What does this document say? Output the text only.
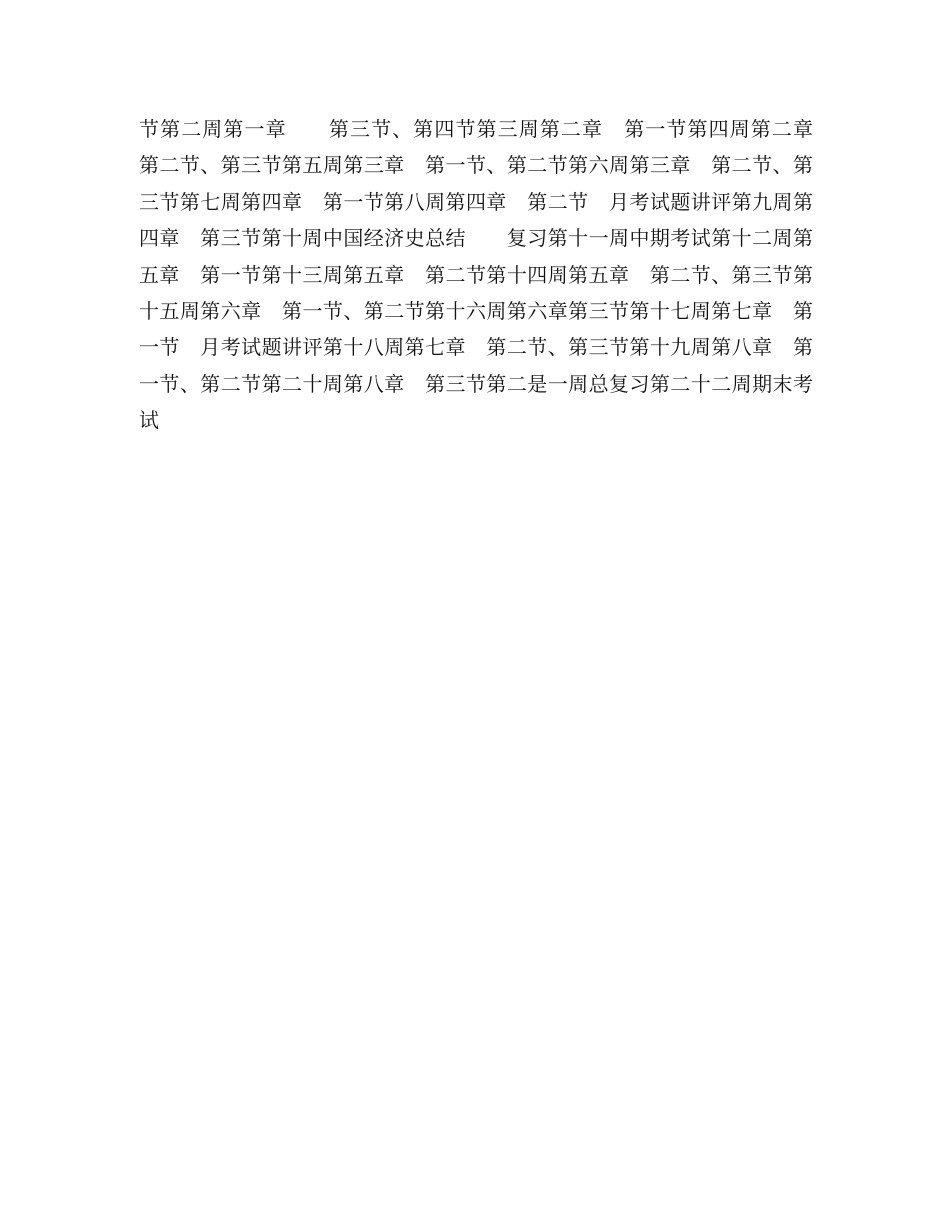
节第二周第一章　　第三节、第四节第三周第二章　第一节第四周第二章　第二节、第三节第五周第三章　第一节、第二节第六周第三章　第二节、第三节第七周第四章　第一节第八周第四章　第二节　月考试题讲评第九周第四章　第三节第十周中国经济史总结　　复习第十一周中期考试第十二周第五章　第一节第十三周第五章　第二节第十四周第五章　第二节、第三节第十五周第六章　第一节、第二节第十六周第六章第三节第十七周第七章　第一节　月考试题讲评第十八周第七章　第二节、第三节第十九周第八章　第一节、第二节第二十周第八章　第三节第二是一周总复习第二十二周期末考试
